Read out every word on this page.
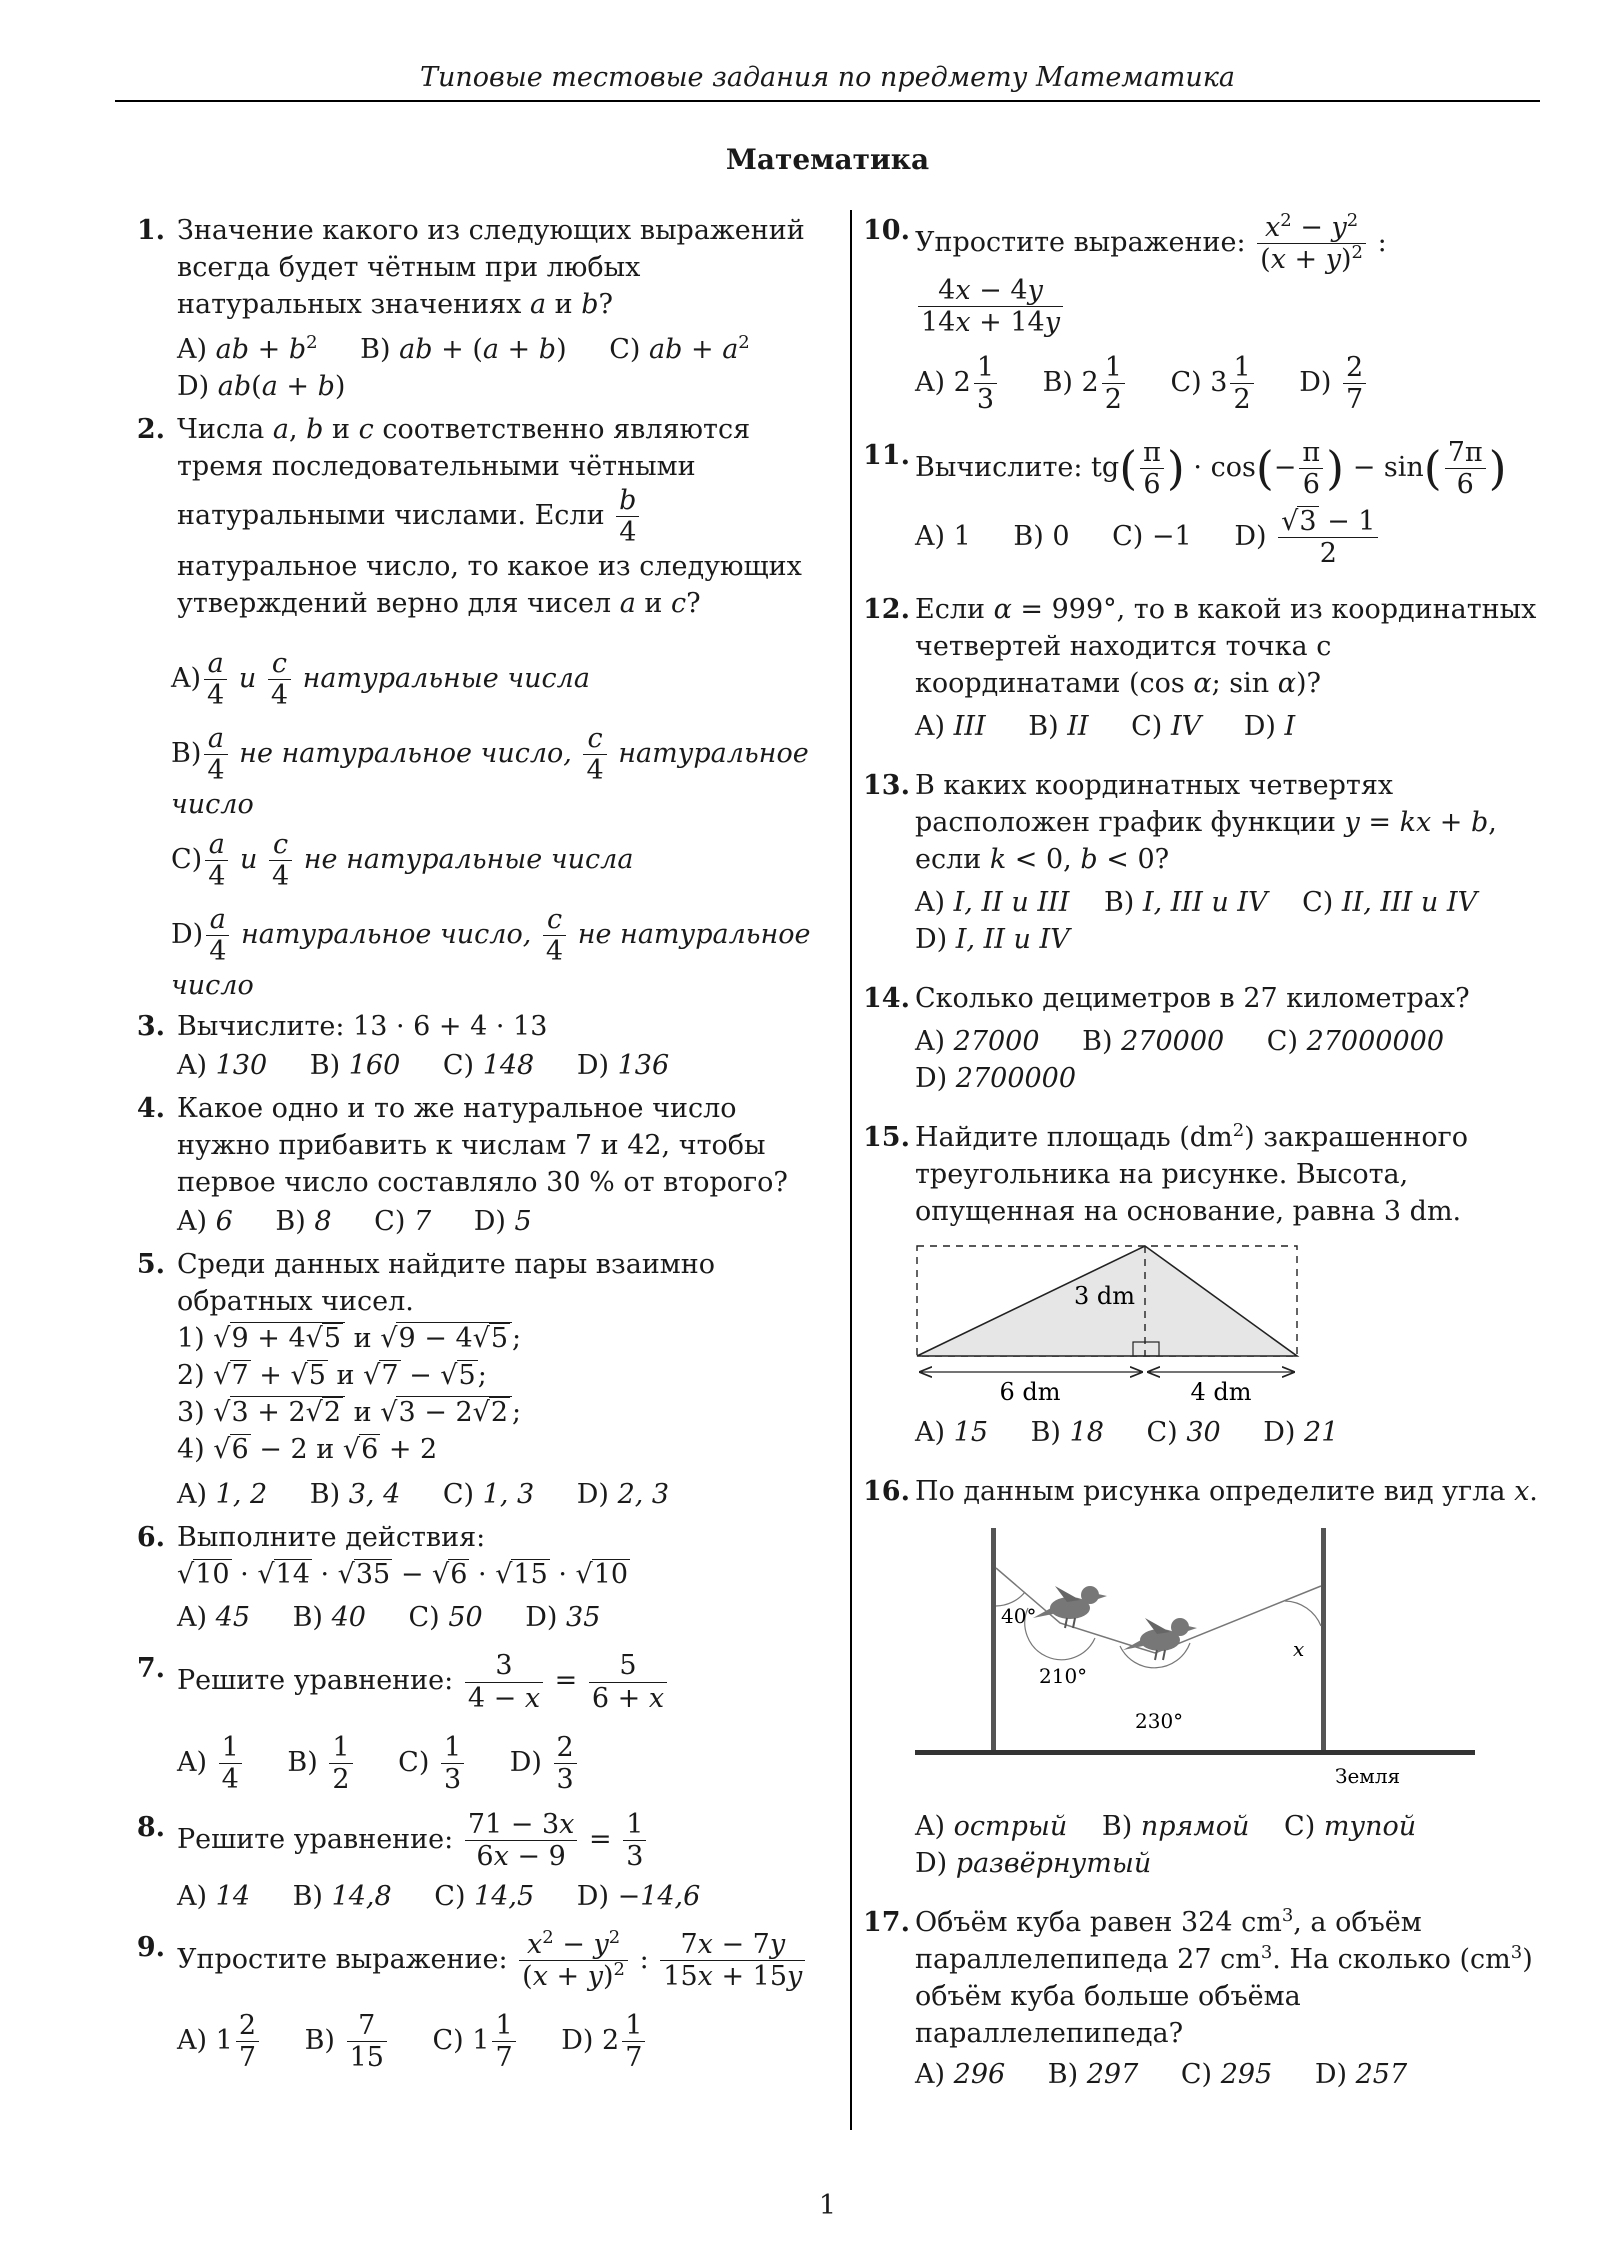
Типовые тестовые задания по предмету Математика
Математика
1. Значение какого из следующих выражений всегда будет чётным при любых натуральных значениях a и b?
A) ab + $b^2$ B) ab + (a + b) C) ab + $a^2$
D) ab(a + b)
2. Числа a, b и c соответственно являются тремя последовательными чётными натуральными числами. Если $\frac{b}{4}$
натуральное число, то какое из следующих утверждений верно для чисел a и c?
$A) \frac{a}{4}$ и $\frac{c}{4}$ натуральные числа
$B) \frac{a}{4}$ не натуральное число, $\frac{c}{4}$ натуральное число
$C) \frac{a}{4}$ и $\frac{c}{4}$ не натуральные числа
$D) \frac{a}{4}$ натуральное число, $\frac{c}{4}$ не натуральное число
3. Вычислите: 13 · 6 + 4 · 13
A) 130 B) 160 C) 148 D) 136
4. Какое одно и то же натуральное число нужно прибавить к числам 7 и 42, чтобы первое число составляло 30 % от второго?
A) 6 B) 8 C) 7 D) 5
5. Среди данных найдите пары взаимно обратных чисел.
1) √9 + 4√5 и √9 − 4√5 ;
2) √7 + √5 и √7 − √5;
3) √3 + 2√2 и √3 − 2√2 ;
4) √6 − 2 и √6 + 2
A) 1, 2 B) 3, 4 C) 1, 3 D) 2, 3
6. Выполните действия:
√10 · √14 · √35 − √6 · √15 · √10
A) 45 B) 40 C) 50 D) 35
7. Решите уравнение: $\frac{3}{4 - x} = \frac{5}{6 + x}$
$A) \frac{1}{4} B) \frac{1}{2} C) \frac{1}{3} D) \frac{2}{3}$
8. Решите уравнение: $\frac{71 - 3x}{6x - 9} = \frac{1}{3}$
A) 14 B) 14,8 C) 14,5 D) −14,6
9. Упростите выражение: $\frac{x^2 - y^2}{(x + y)^2}$ : $\frac{7x - 7y}{15x + 15y}$
A) $1 \frac{2}{7} B) \frac{7}{15} C$) $1 \frac{1}{7} D$) $2 \frac{1}{7}$
10. Упростите выражение: $\frac{x^2 - y^2}{(x + y)^2}$ :
$\frac{4x - 4y}{14x + 14y}$
A) $2 \frac{1}{3} B$) $2 \frac{1}{2} C$) $3 \frac{1}{2} D) \frac{2}{7}$
11. Вычислите: $tg( \frac{\pi}{6}$ ) · $\cos(- \frac{\pi}{6}$ ) − $\sin( \frac{7\pi}{6}$ )
A) 1 B) 0 C) −1 $D) \frac{√3 - 1}{2}$
12. Если α = 999°, то в какой из координатных четвертей находится точка с координатами (cos α; sin α)?
A) III B) II C) IV D) I
13. В каких координатных четвертях расположен график функции y = kx + b, если k < 0, b < 0?
A) I, II и III B) I, III и IV C) II, III и IV
D) I, II и IV
14. Сколько дециметров в 27 километрах?
A) 27000 B) 270000 C) 27000000
D) 2700000
15. Найдите площадь $(dm^2)$ закрашенного треугольника на рисунке. Высота, опущенная на основание, равна 3 dm.
3 dm
6 dm	4 dm
A) 15 B) 18 C) 30 D) 21
16. По данным рисунка определите вид угла x.
40°
210°
230°
x
Земля
A) острый B) прямой C) тупой
D) развёрнутый
17. Объём куба равен 324 $cm^3$, а объём параллелепипеда 27 $cm^3$. На сколько $(cm^3)$ объём куба больше объёма параллелепипеда?
A) 296 B) 297 C) 295 D) 257
1
